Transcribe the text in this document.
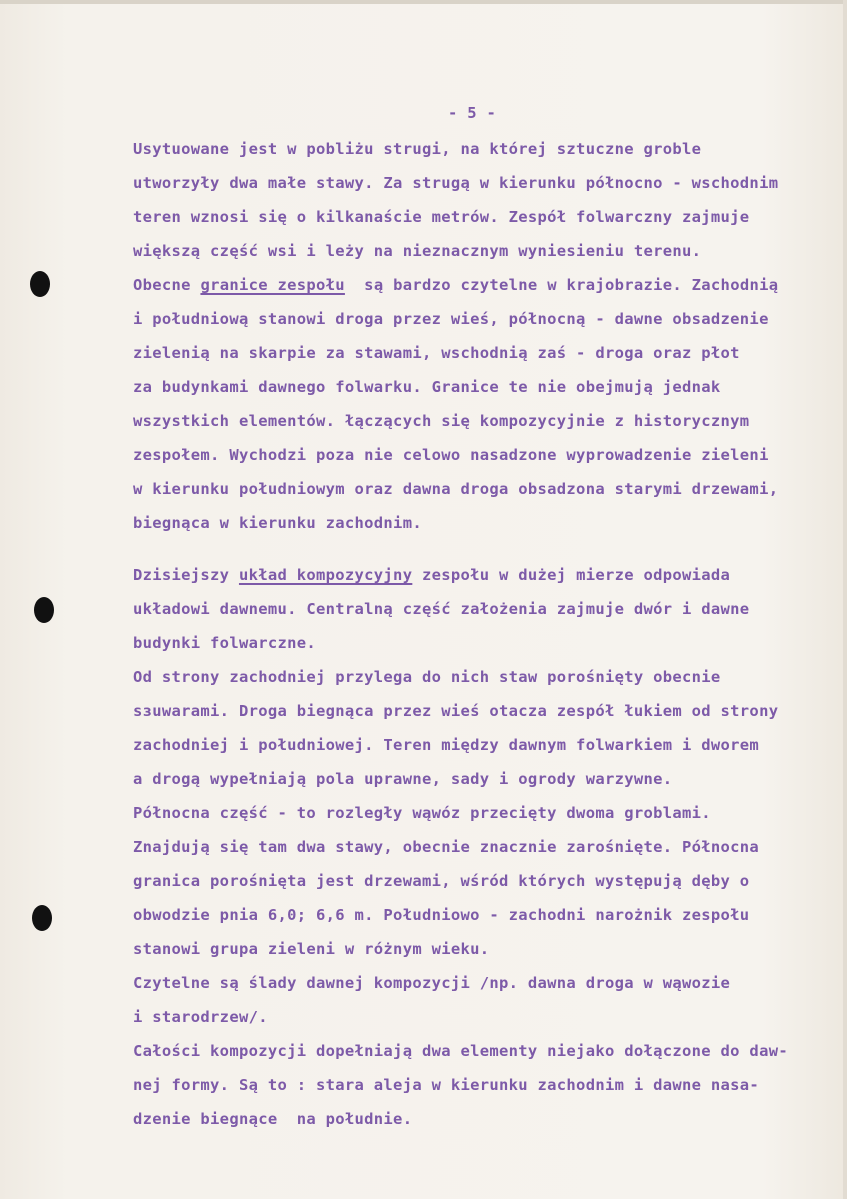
- 5 -

Usytuowane jest w pobliżu strugi, na której sztuczne groble

utworzyły dwa małe stawy. Za strugą w kierunku północno - wschodnim

teren wznosi się o kilkanaście metrów. Zespół folwarczny zajmuje

większą część wsi i leży na nieznacznym wyniesieniu terenu.

Obecne granice zespołu  są bardzo czytelne w krajobrazie. Zachodnią

i południową stanowi droga przez wieś, północną - dawne obsadzenie

zielenią na skarpie za stawami, wschodnią zaś - droga oraz płot

za budynkami dawnego folwarku. Granice te nie obejmują jednak

wszystkich elementów. łączących się kompozycyjnie z historycznym

zespołem. Wychodzi poza nie celowo nasadzone wyprowadzenie zieleni

w kierunku południowym oraz dawna droga obsadzona starymi drzewami,

biegnąca w kierunku zachodnim.

Dzisiejszy układ kompozycyjny zespołu w dużej mierze odpowiada

układowi dawnemu. Centralną część założenia zajmuje dwór i dawne

budynki folwarczne.

Od strony zachodniej przylega do nich staw porośnięty obecnie

sзuwarami. Droga biegnąca przez wieś otacza zespół łukiem od strony

zachodniej i południowej. Teren między dawnym folwarkiem i dworem

a drogą wypełniają pola uprawne, sady i ogrody warzywne.

Północna część - to rozległy wąwóz przecięty dwoma groblami.

Znajdują się tam dwa stawy, obecnie znacznie zarośnięte. Północna

granica porośnięta jest drzewami, wśród których występują dęby o

obwodzie pnia 6,0; 6,6 m. Południowo - zachodni narożnik zespołu

stanowi grupa zieleni w różnym wieku.

Czytelne są ślady dawnej kompozycji /np. dawna droga w wąwozie

i starodrzew/.

Całości kompozycji dopełniają dwa elementy niejako dołączone do daw-

nej formy. Są to : stara aleja w kierunku zachodnim i dawne nasa-

dzenie biegnące  na południe.
